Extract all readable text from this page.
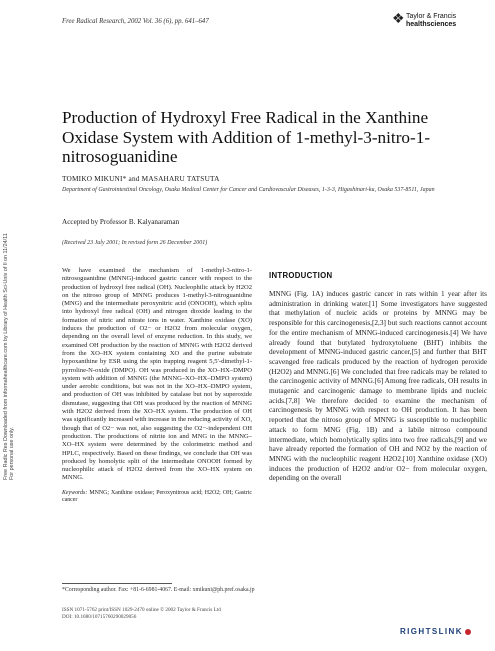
Free Radical Research, 2002 Vol. 36 (6), pp. 641–647	❖ Taylor & Francis
healthsciences
Free Radic Res Downloaded from informahealthcare.com by Library of Health Sci-Univ of Il on 11/24/11 For personal use only.
Production of Hydroxyl Free Radical in the Xanthine Oxidase System with Addition of 1-methyl-3-nitro-1-nitrosoguanidine
TOMIKO MIKUNI* and MASAHARU TATSUTA
Department of Gastrointestinal Oncology, Osaka Medical Center for Cancer and Cardiovascular Diseases, 1-3-3, Higashinari-ku, Osaka 537-8511, Japan
Accepted by Professor B. Kalyanaraman
(Received 23 July 2001; In revised form 26 December 2001)

We have examined the mechanism of 1-methyl-3-nitro-1-nitrosoguanidine (MNNG)-induced gastric cancer with respect to the production of hydroxyl free radical (OH). Nucleophilic attack by H2O2 on the nitroso group of MNNG produces 1-methyl-3-nitroguanidine (MNG) and the intermediate peroxynitric acid (ONOOH), which splits into hydroxyl free radical (OH) and nitrogen dioxide leading to the formation of nitric and nitrate ions in water. Xanthine oxidase (XO) induces the production of O2− or H2O2 from molecular oxygen, depending on the overall level of enzyme reduction. In this study, we examined OH production by the reaction of MNNG with H2O2 derived from the XO–HX system containing XO and the purine substrate hypoxanthine by ESR using the spin trapping reagent 5,5′-dimethyl-1-pyrroline-N-oxide (DMPO). OH was produced in the XO–HX–DMPO system with addition of MNNG (the MNNG–XO–HX–DMPO system) under aerobic conditions, but was not in the XO–HX–DMPO system, and production of OH was inhibited by catalase but not by superoxide dismutase, suggesting that OH was produced by the reaction of MNNG with H2O2 derived from the XO–HX system. The production of OH was significantly increased with increase in the reducing activity of XO, though that of O2− was not, also suggesting the O2−-independent OH production. The productions of nitrite ion and MNG in the MNNG–XO–HX system were determined by the colorimetric method and HPLC, respectively. Based on these findings, we conclude that OH was produced by homolytic split of the intermediate ONOOH formed by nucleophilic attack of H2O2 derived from the XO–HX system on MNNG.

Keywords: MNNG; Xanthine oxidase; Peroxynitrous acid; H2O2; OH; Gastric cancer

INTRODUCTION

MNNG (Fig. 1A) induces gastric cancer in rats within 1 year after its administration in drinking water.[1] Some investigators have suggested that methylation of nucleic acids or proteins by MNNG may be responsible for this carcinogenesis,[2,3] but such reactions cannot account for the entire mechanism of MNNG-induced carcinogenesis.[4] We have already found that butylated hydroxytoluene (BHT) inhibits the development of MNNG-induced gastric cancer,[5] and further that BHT scavenged free radicals produced by the reaction of hydrogen peroxide (H2O2) and MNNG.[6] We concluded that free radicals may be related to the carcinogenic activity of MNNG.[6] Among free radicals, OH results in mutagenic and carcinogenic damage to membrane lipids and nucleic acids.[7,8] We therefore decided to examine the mechanism of carcinogenesis by MNNG with respect to OH production. It has been reported that the nitroso group of MNNG is susceptible to nucleophilic attack to form MNG (Fig. 1B) and a labile nitroso compound intermediate, which homolytically splits into two free radicals,[9] and we have already reported the formation of OH and NO2 by the reaction of MNNG with the nucleophilic reagent H2O2.[10] Xanthine oxidase (XO) induces the production of H2O2 and/or O2− from molecular oxygen, depending on the overall

*Corresponding author. Fax: +81-6-6981-4067. E-mail: xmikuni@ph.pref.osaka.jp
ISSN 1071-5762 print/ISSN 1029-2470 online © 2002 Taylor & Francis Ltd
DOI: 10.1080/10715760290029056
RIGHTSLINK
